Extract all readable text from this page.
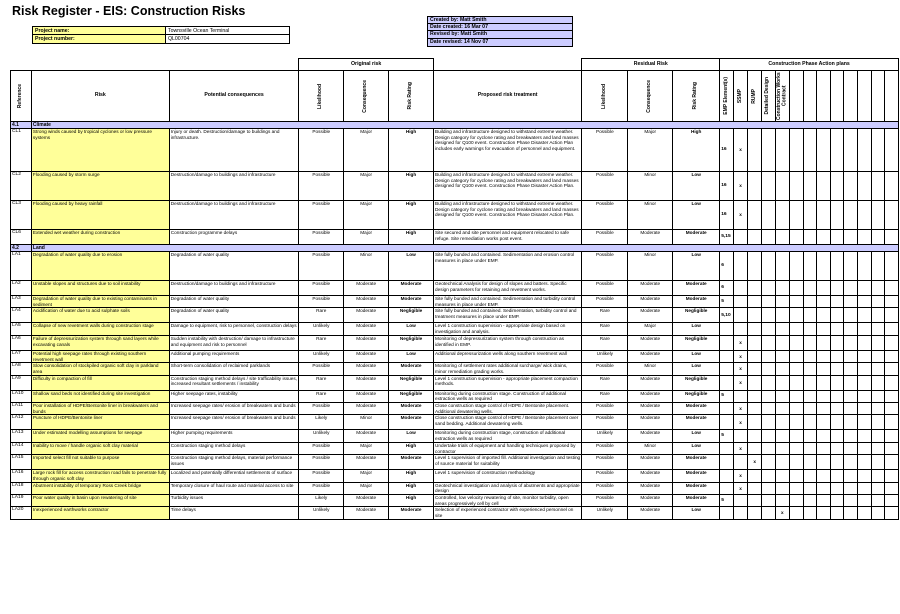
Risk Register - EIS: Construction Risks
Project name:	Townsville Ocean Terminal
Project number:	QL00704
Created by: Matt Smith
Date created: 16 Mar 07
Revised by: Matt Smith
Date revised: 14 Nov 07
			Original risk				Residual Risk			Construction Phase Action plans												

Reference	Risk	Potential consequences	Likelihood	Consequence	Risk Rating	Proposed risk treatment	Likelihood	Consequence	Risk Rating	EMP Element(s)	SSMP	RUMP	Detailed Design	Construction Works Contract								

4.1	Climate																					
CL1	Strong winds caused by tropical cyclones or low pressure systems	Injury or death. Destruction/damage to buildings and infrastructure.	Possible	Major	High	Building and infrastructure designed to withstand extreme weather. Design category for cyclone rating and breakwaters and land masses designed for Q100 event. Construction Phase Disaster Action Plan includes early warnings for evacuation of personnel and equipment.	Possible	Major	High	16	x											
CL2	Flooding caused by storm surge	Destruction/damage to buildings and infrastructure	Possible	Major	High	Building and infrastructure designed to withstand extreme weather. Design category for cyclone rating and breakwaters and land masses designed for Q100 event. Construction Phase Disaster Action Plan.	Possible	Minor	Low	16	x											
CL3	Flooding caused by heavy rainfall	Destruction/damage to buildings and infrastructure	Possible	Major	High	Building and infrastructure designed to withstand extreme weather. Design category for cyclone rating and breakwaters and land masses designed for Q100 event. Construction Phase Disaster Action Plan.	Possible	Minor	Low	16	x											
CL6	Extended wet weather during construction	Construction programme delays	Possible	Major	High	Site secured and site personnel and equipment relocated to safe refuge. Site remediation works post event.	Possible	Moderate	Moderate	5,15												
4.2	Land																					
LA1	Degradation of water quality due to erosion	Degradation of water quality	Possible	Minor	Low	Site fully bunded and contained. Sedimentation and erosion control measures in place under EMP.	Possible	Minor	Low	6												
LA2	Unstable slopes and structures due to soil instability	Destruction/damage to buildings and infrastructure	Possible	Moderate	Moderate	Geotechnical Analysis for design of slopes and batters. Specific design parameters for retaining and revetment works.	Possible	Moderate	Moderate	6												
LA3	Degradation of water quality due to existing contaminants in sediment	Degradation of water quality	Possible	Moderate	Moderate	Site fully bunded and contained. Sedimentation and turbidity control measures in place under EMP.	Possible	Moderate	Moderate	5												
LA4	Acidification of water due to acid sulphate soils	Degradation of water quality	Rare	Moderate	Negligible	Site fully bunded and contained. Sedimentation, turbidity control and treatment measures in place under EMP.	Rare	Moderate	Negligible	5,10												
LA5	Collapse of new revetment walls during construction stage	Damage to equipment, risk to personnel, construction delays	Unlikely	Moderate	Low	Level 1 construction supervision - appropriate design based on investigation and analysis.	Rare	Major	Low													
LA6	Failure of depressurization system through sand layers while excavating canals	Sudden instability with destruction/ damage to infrastructure and equipment and risk to personnel	Rare	Moderate	Negligible	Monitoring of depressurization system through construction as identified in EMP.	Rare	Moderate	Negligible		x											
LA7	Potential high seepage rates through existing southern revetment wall	Additional pumping requirements	Unlikely	Moderate	Low	Additional depressurization wells along southern revetment wall	Unlikely	Moderate	Low		x											
LA8	Slow consolidation of stockpiled organic soft clay in parkland area	Short-term consolidation of reclaimed parklands	Possible	Moderate	Moderate	Monitoring of settlement rates additional surcharge/ wick drains, minor remediation grading works.	Possible	Minor	Low		x											
LA9	Difficulty in compaction of fill	Construction staging method delays / site trafficability issues, increased resultant settlements / instability	Rare	Moderate	Negligible	Level 1 construction supervision - appropriate placement compaction methods.	Rare	Moderate	Negligible		x											
LA10	Shallow sand beds not identified during site investigation	Higher seepage rates, instability	Rare	Moderate	Negligible	Monitoring during construction stage. Construction of additional extraction wells as required	Rare	Moderate	Negligible	5												
LA11	Poor installation of HDPE/Bentonite liner in breakwaters and bunds	Increased seepage rates/ erosion of breakwaters and bunds	Possible	Moderate	Moderate	Close construction stage control of HDPE / Bentonite placement. Additional dewatering wells.	Possible	Moderate	Moderate		x											
LA12	Puncture of HDPE/Bentonite liner	Increased seepage rates/ erosion of breakwaters and bunds	Likely	Minor	Moderate	Close construction stage control of HDPE / Bentonite placement over sand bedding. Additional dewatering wells.	Possible	Moderate	Moderate		x											
LA13	Under estimated modelling assumptions for seepage	Higher pumping requirements	Unlikely	Moderate	Low	Monitoring during construction stage, construction of additional extraction wells as required	Unlikely	Moderate	Low	5												
LA14	Inability to move / handle organic soft clay material	Construction staging method delays	Possible	Major	High	Undertake trials of equipment and handling techniques proposed by contractor	Possible	Minor	Low		x											
LA15	Imported select fill not suitable to purpose	Construction staging method delays, material performance issues	Possible	Moderate	Moderate	Level 1 supervision of imported fill. Additional investigation and testing of source material for suitability	Possible	Moderate	Moderate			x										
LA16	Large rock fill for access construction road fails to penetrate fully through organic soft clay	Localized and potentially differential settlements of surface	Possible	Major	High	Level 1 supervision of construction methodology	Possible	Moderate	Moderate		x											
LA18	Abutment instability of temporary Ross Creek bridge	Temporary closure of haul route and material access to site	Possible	Major	High	Geotechnical investigation and analysis of abutments and appropriate design	Possible	Moderate	Moderate		x											
LA19	Poor water quality in basin upon rewatering of site	Turbidity issues	Likely	Moderate	High	Controlled, low velocity rewatering of site, monitor turbidity, open areas progressively cell by cell	Possible	Moderate	Moderate	5												
LA20	Inexperienced earthworks contractor	Time delays	Unlikely	Moderate	Moderate	Selection of experienced contractor with experienced personnel on site	Unlikely	Moderate	Low					x								
